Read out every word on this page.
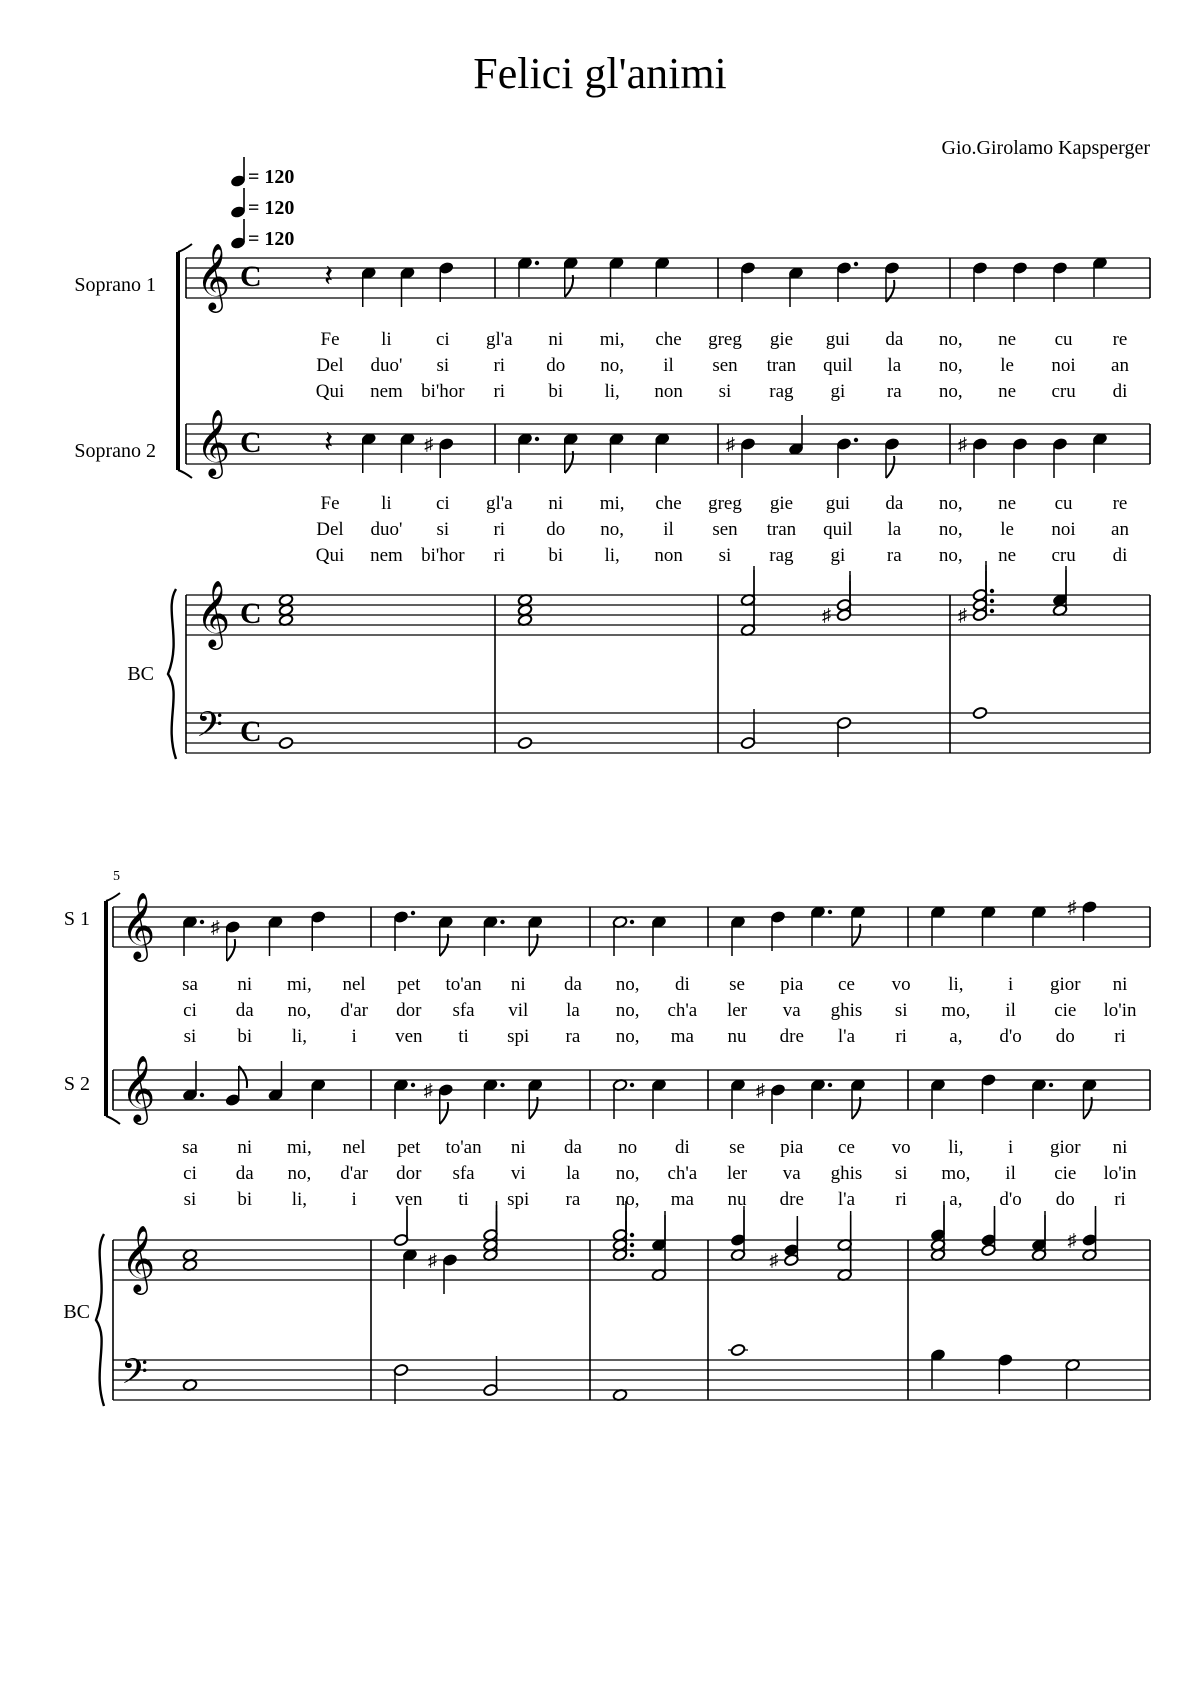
Felici gl'animi
Gio.Girolamo Kapsperger
= 120
= 120
= 120
Soprano 1
Soprano 2
BC
S 1
S 2
BC
5
𝄞 C
𝄞 C
𝄞 C
𝄢 C
𝄽
𝄽	♯	♯	♯
♯	♯
Fe li ci gl'a ni mi, che greg gie gui da no, ne cu re
Del duo' si ri do no, il sen tran quil la no, le noi an
Qui nem bi'hor ri bi li, non si rag gi ra no, ne cru di
Fe li ci gl'a ni mi, che greg gie gui da no, ne cu re
Del duo' si ri do no, il sen tran quil la no, le noi an
Qui nem bi'hor ri bi li, non si rag gi ra no, ne cru di
𝄞
𝄞
𝄞
𝄢
♯
♯
♯	♯
♯
♯
♯
sa ni mi, nel pet to'an ni da no, di se pia ce vo li, i gior ni
ci da no, d'ar dor sfa vil la no, ch'a ler va ghis si mo, il cie lo'in
si bi li, i ven ti spi ra no, ma nu dre l'a ri a, d'o do ri
sa ni mi, nel pet to'an ni da no di se pia ce vo li, i gior ni
ci da no, d'ar dor sfa vi la no, ch'a ler va ghis si mo, il cie lo'in
si bi li, i ven ti spi ra no, ma nu dre l'a ri a, d'o do ri
